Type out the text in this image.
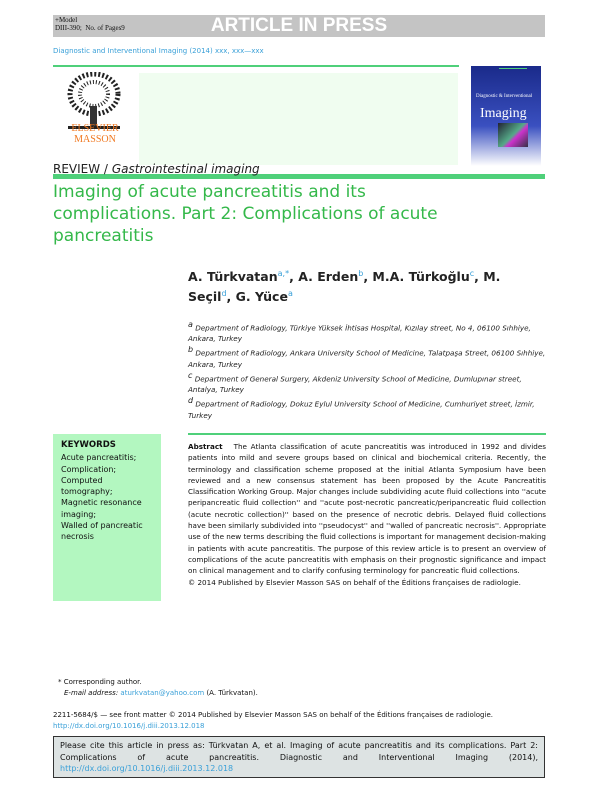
+Model
DIII-390; No. of Pages9	ARTICLE IN PRESS
Diagnostic and Interventional Imaging (2014) xxx, xxx—xxx
ELSEVIER
MASSON
Diagnostic & Interventional
Imaging
REVIEW / Gastrointestinal imaging
Imaging of acute pancreatitis and its complications. Part 2: Complications of acute pancreatitis
A. Türkvatan$^{a,*}$, A. Erden$^b$, M.A. Türkoğlu$^c$, M. Seçil$^d$, G. Yüce$^a$
$^a$ Department of Radiology, Türkiye Yüksek İhtisas Hospital, Kızılay street, No 4, 06100 Sıhhiye, Ankara, Turkey
$^b$ Department of Radiology, Ankara University School of Medicine, Talatpaşa Street, 06100 Sıhhiye, Ankara, Turkey
$^c$ Department of General Surgery, Akdeniz University School of Medicine, Dumlupınar street, Antalya, Turkey
$^d$ Department of Radiology, Dokuz Eylul University School of Medicine, Cumhuriyet street, İzmir, Turkey
KEYWORDS
Acute pancreatitis;
Complication;
Computed tomography;
Magnetic resonance imaging;
Walled of pancreatic necrosis
Abstract The Atlanta classification of acute pancreatitis was introduced in 1992 and divides patients into mild and severe groups based on clinical and biochemical criteria. Recently, the terminology and classification scheme proposed at the initial Atlanta Symposium have been reviewed and a new consensus statement has been proposed by the Acute Pancreatitis Classification Working Group. Major changes include subdividing acute fluid collections into ''acute peripancreatic fluid collection'' and ''acute post-necrotic pancreatic/peripancreatic fluid collection (acute necrotic collection)'' based on the presence of necrotic debris. Delayed fluid collections have been similarly subdivided into ''pseudocyst'' and ''walled of pancreatic necrosis''. Appropriate use of the new terms describing the fluid collections is important for management decision-making in patients with acute pancreatitis. The purpose of this review article is to present an overview of complications of the acute pancreatitis with emphasis on their prognostic significance and impact on clinical management and to clarify confusing terminology for pancreatic fluid collections.
© 2014 Published by Elsevier Masson SAS on behalf of the Éditions françaises de radiologie.
* Corresponding author.
E-mail address: aturkvatan@yahoo.com (A. Türkvatan).
2211-5684/$ — see front matter © 2014 Published by Elsevier Masson SAS on behalf of the Éditions françaises de radiologie.
http://dx.doi.org/10.1016/j.diii.2013.12.018
Please cite this article in press as: Türkvatan A, et al. Imaging of acute pancreatitis and its complications. Part 2: Complications of acute pancreatitis. Diagnostic and Interventional Imaging (2014), http://dx.doi.org/10.1016/j.diii.2013.12.018
